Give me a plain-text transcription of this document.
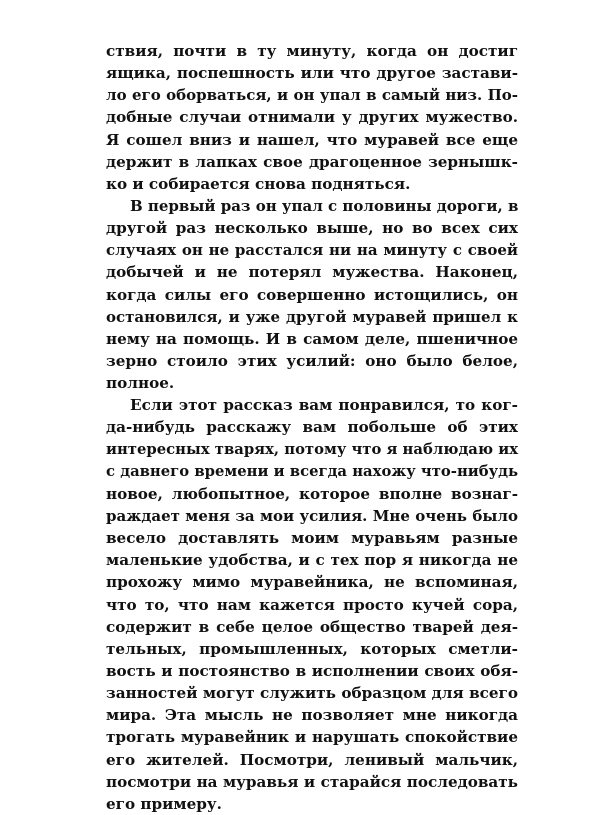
ствия, почти в ту минуту, когда он достиг
ящика, поспешность или что другое застави-
ло его оборваться, и он упал в самый низ. По-
добные случаи отнимали у других мужество.
Я сошел вниз и нашел, что муравей все еще
держит в лапках свое драгоценное зернышк-
ко и собирается снова подняться.
В первый раз он упал с половины дороги, в
другой раз несколько выше, но во всех сих
случаях он не расстался ни на минуту с своей
добычей и не потерял мужества. Наконец,
когда силы его совершенно истощились, он
остановился, и уже другой муравей пришел к
нему на помощь. И в самом деле, пшеничное
зерно стоило этих усилий: оно было белое,
полное.
Если этот рассказ вам понравился, то ког-
да-нибудь расскажу вам побольше об этих
интересных тварях, потому что я наблюдаю их
с давнего времени и всегда нахожу что-нибудь
новое, любопытное, которое вполне вознаг-
раждает меня за мои усилия. Мне очень было
весело доставлять моим муравьям разные
маленькие удобства, и с тех пор я никогда не
прохожу мимо муравейника, не вспоминая,
что то, что нам кажется просто кучей сора,
содержит в себе целое общество тварей дея-
тельных, промышленных, которых сметли-
вость и постоянство в исполнении своих обя-
занностей могут служить образцом для всего
мира. Эта мысль не позволяет мне никогда
трогать муравейник и нарушать спокойствие
его жителей. Посмотри, ленивый мальчик,
посмотри на муравья и старайся последовать
его примеру.
